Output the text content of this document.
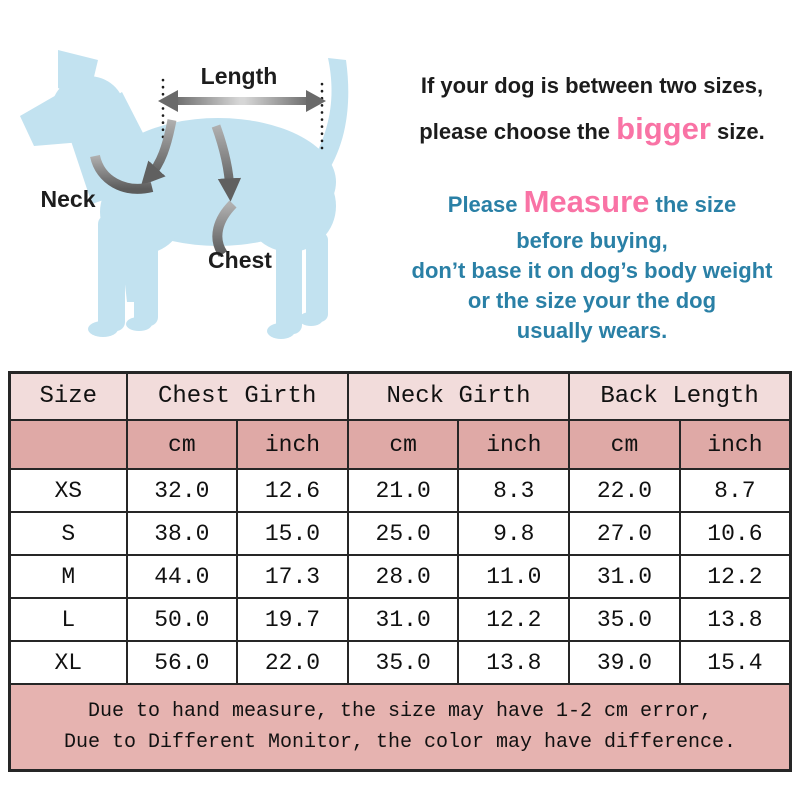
Length
Neck
Chest
If your dog is between two sizes,
please choose the bigger size.
Please Measure the size
before buying,
don’t base it on dog’s body weight
or the size your the dog
usually wears.
Size	Chest Girth		Neck Girth		Back Length	
	cm	inch	cm	inch	cm	inch
XS	32.0	12.6	21.0	8.3	22.0	8.7
S	38.0	15.0	25.0	9.8	27.0	10.6
M	44.0	17.3	28.0	11.0	31.0	12.2
L	50.0	19.7	31.0	12.2	35.0	13.8
XL	56.0	22.0	35.0	13.8	39.0	15.4

Due to hand measure, the size may have 1-2 cm error,
Due to Different Monitor, the color may have difference.						
